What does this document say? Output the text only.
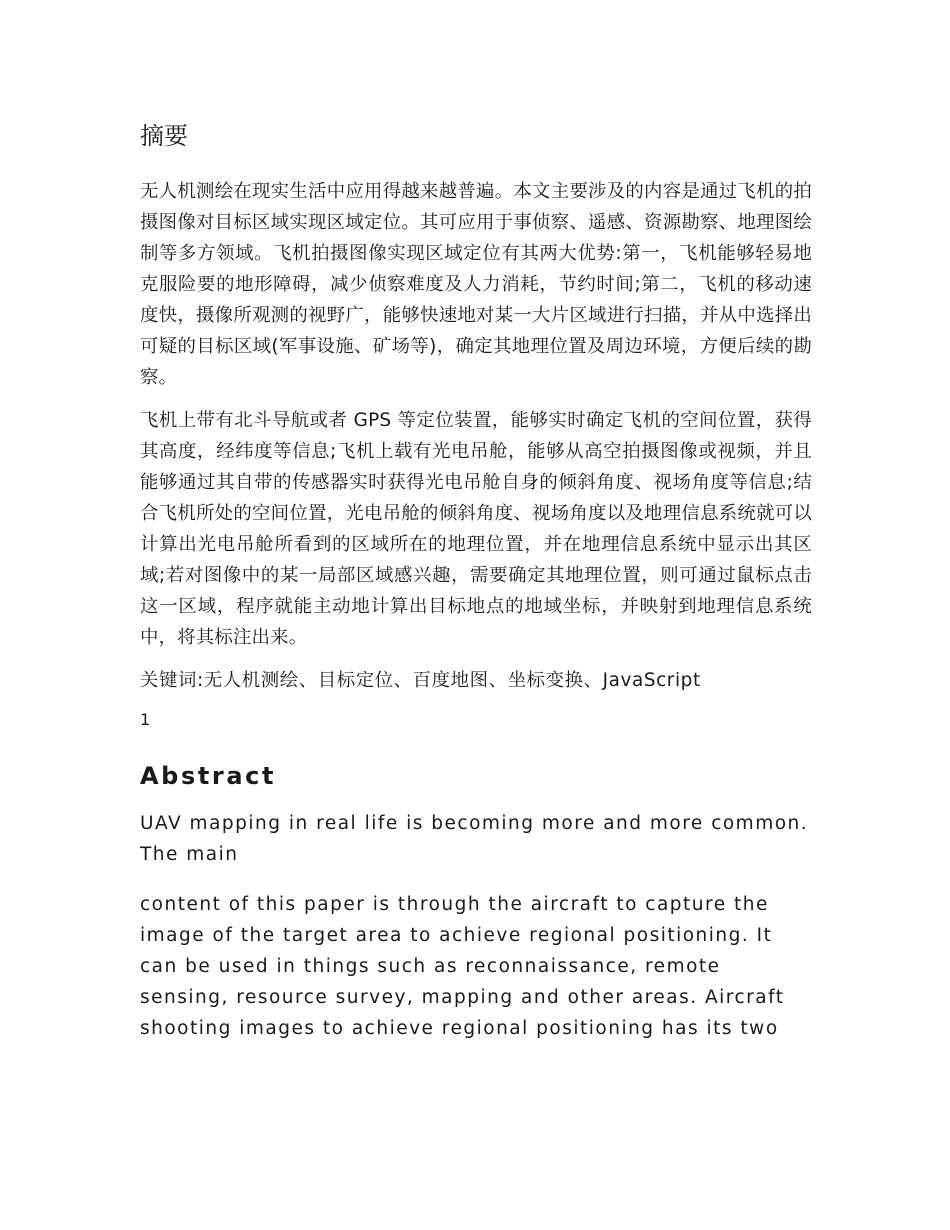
摘要

无人机测绘在现实生活中应用得越来越普遍。本文主要涉及的内容是通过飞机的拍摄图像对目标区域实现区域定位。其可应用于事侦察、遥感、资源勘察、地理图绘制等多方领域。飞机拍摄图像实现区域定位有其两大优势:第一，飞机能够轻易地克服险要的地形障碍，减少侦察难度及人力消耗，节约时间;第二，飞机的移动速度快，摄像所观测的视野广，能够快速地对某一大片区域进行扫描，并从中选择出可疑的目标区域(军事设施、矿场等)，确定其地理位置及周边环境，方便后续的勘察。

飞机上带有北斗导航或者 GPS 等定位装置，能够实时确定飞机的空间位置，获得其高度，经纬度等信息;飞机上载有光电吊舱，能够从高空拍摄图像或视频，并且能够通过其自带的传感器实时获得光电吊舱自身的倾斜角度、视场角度等信息;结合飞机所处的空间位置，光电吊舱的倾斜角度、视场角度以及地理信息系统就可以计算出光电吊舱所看到的区域所在的地理位置，并在地理信息系统中显示出其区域;若对图像中的某一局部区域感兴趣，需要确定其地理位置，则可通过鼠标点击这一区域，程序就能主动地计算出目标地点的地域坐标，并映射到地理信息系统中，将其标注出来。

关键词:无人机测绘、目标定位、百度地图、坐标变换、JavaScript

1
Abstract

UAV mapping in real life is becoming more and more common. The main

content of this paper is through the aircraft to capture the image of the target area to achieve regional positioning. It can be used in things such as reconnaissance, remote sensing, resource survey, mapping and other areas. Aircraft shooting images to achieve regional positioning has its two
